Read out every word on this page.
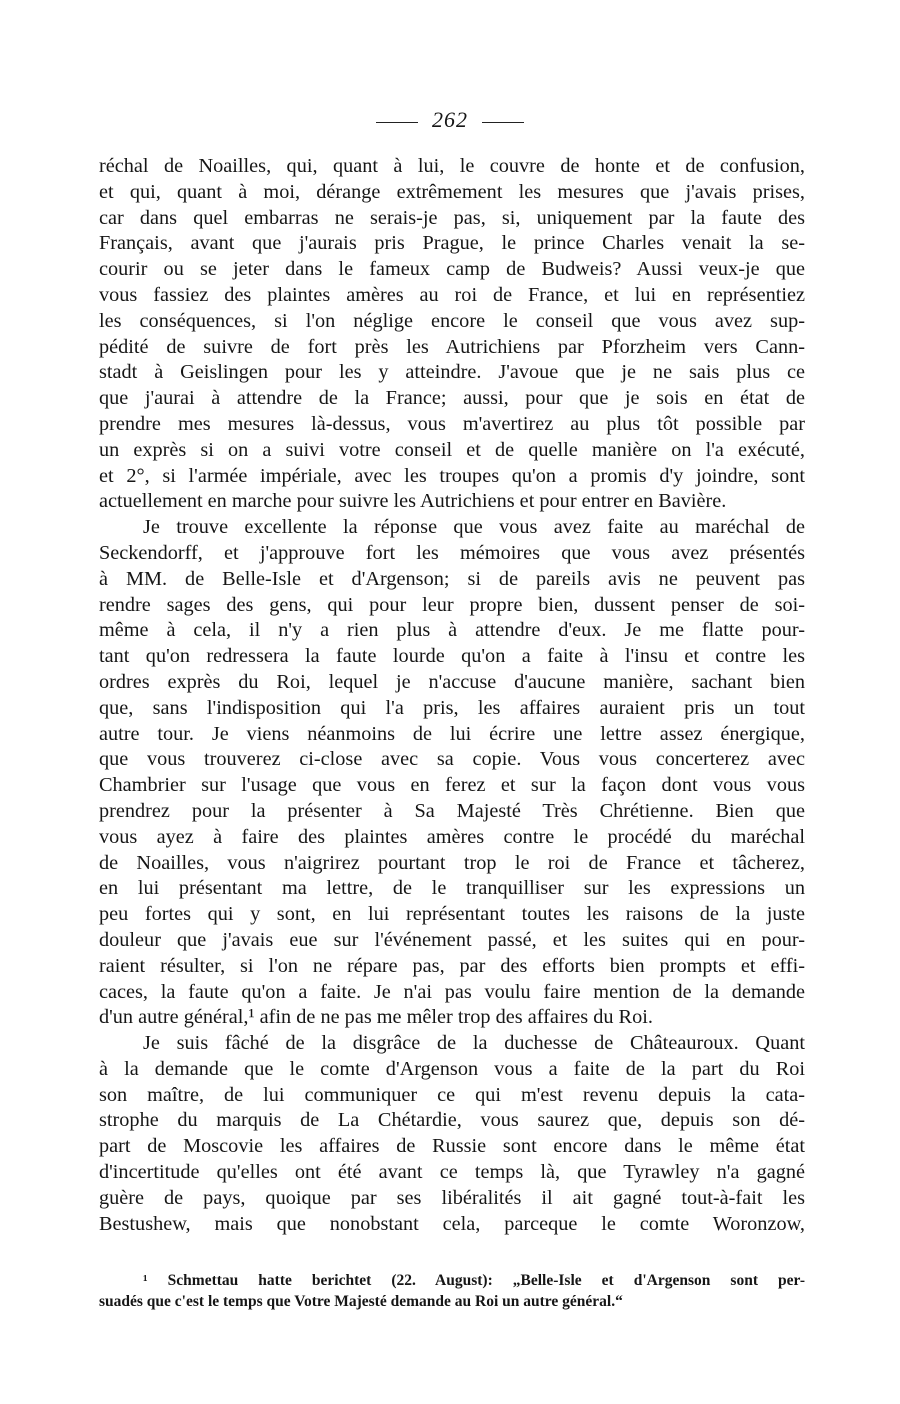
262
réchal de Noailles, qui, quant à lui, le couvre de honte et de confusion,
et qui, quant à moi, dérange extrêmement les mesures que j'avais prises,
car dans quel embarras ne serais-je pas, si, uniquement par la faute des
Français, avant que j'aurais pris Prague, le prince Charles venait la se-
courir ou se jeter dans le fameux camp de Budweis? Aussi veux-je que
vous fassiez des plaintes amères au roi de France, et lui en représentiez
les conséquences, si l'on néglige encore le conseil que vous avez sup-
pédité de suivre de fort près les Autrichiens par Pforzheim vers Cann-
stadt à Geislingen pour les y atteindre. J'avoue que je ne sais plus ce
que j'aurai à attendre de la France; aussi, pour que je sois en état de
prendre mes mesures là-dessus, vous m'avertirez au plus tôt possible par
un exprès si on a suivi votre conseil et de quelle manière on l'a exécuté,
et 2°, si l'armée impériale, avec les troupes qu'on a promis d'y joindre, sont
actuellement en marche pour suivre les Autrichiens et pour entrer en Bavière.
Je trouve excellente la réponse que vous avez faite au maréchal de
Seckendorff, et j'approuve fort les mémoires que vous avez présentés
à MM. de Belle-Isle et d'Argenson; si de pareils avis ne peuvent pas
rendre sages des gens, qui pour leur propre bien, dussent penser de soi-
même à cela, il n'y a rien plus à attendre d'eux. Je me flatte pour-
tant qu'on redressera la faute lourde qu'on a faite à l'insu et contre les
ordres exprès du Roi, lequel je n'accuse d'aucune manière, sachant bien
que, sans l'indisposition qui l'a pris, les affaires auraient pris un tout
autre tour. Je viens néanmoins de lui écrire une lettre assez énergique,
que vous trouverez ci-close avec sa copie. Vous vous concerterez avec
Chambrier sur l'usage que vous en ferez et sur la façon dont vous vous
prendrez pour la présenter à Sa Majesté Très Chrétienne. Bien que
vous ayez à faire des plaintes amères contre le procédé du maréchal
de Noailles, vous n'aigrirez pourtant trop le roi de France et tâcherez,
en lui présentant ma lettre, de le tranquilliser sur les expressions un
peu fortes qui y sont, en lui représentant toutes les raisons de la juste
douleur que j'avais eue sur l'événement passé, et les suites qui en pour-
raient résulter, si l'on ne répare pas, par des efforts bien prompts et effi-
caces, la faute qu'on a faite. Je n'ai pas voulu faire mention de la demande
d'un autre général,¹ afin de ne pas me mêler trop des affaires du Roi.
Je suis fâché de la disgrâce de la duchesse de Châteauroux. Quant
à la demande que le comte d'Argenson vous a faite de la part du Roi
son maître, de lui communiquer ce qui m'est revenu depuis la cata-
strophe du marquis de La Chétardie, vous saurez que, depuis son dé-
part de Moscovie les affaires de Russie sont encore dans le même état
d'incertitude qu'elles ont été avant ce temps là, que Tyrawley n'a gagné
guère de pays, quoique par ses libéralités il ait gagné tout-à-fait les
Bestushew, mais que nonobstant cela, parceque le comte Woronzow,
¹ Schmettau hatte berichtet (22. August): „Belle-Isle et d'Argenson sont per-
suadés que c'est le temps que Votre Majesté demande au Roi un autre général.“
